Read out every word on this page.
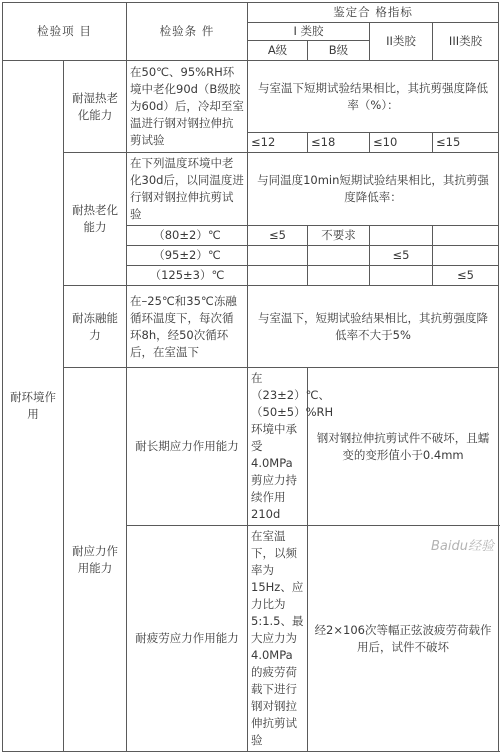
检验项 目		检验条 件	鉴定合 格指标			
			I 类胶		II类胶	III类胶
			A级	B级		
耐环境作用	耐湿热老化能力	在50℃、95%RH环境中老化90d（B级胶为60d）后，冷却至室温进行钢对钢拉伸抗剪试验	与室温下短期试验结果相比，其抗剪强度降低率（%）：			
			≤12	≤18	≤10	≤15
	耐热老化能力	在下列温度环境中老化30d后，以同温度进行钢对钢拉伸抗剪试验	与同温度10min短期试验结果相比，其抗剪强度降低率：			
		（80±2）℃	≤5	不要求		
		（95±2）℃			≤5	
		（125±3）℃				≤5
	耐冻融能力	在–25℃和35℃冻融循环温度下，每次循环8h，经50次循环后，在室温下	与室温下，短期试验结果相比，其抗剪强度降低率不大于5%			
	耐应力作用能力	耐长期应力作用能力	在（23±2）℃、（50±5）%RH环境中承受4.0MPa剪应力持续作用210d	钢对钢拉伸抗剪试件不破坏，且蠕变的变形值小于0.4mm		
		耐疲劳应力作用能力	在室温下，以频率为15Hz、应力比为5:1.5、最大应力为4.0MPa的疲劳荷载下进行钢对钢拉伸抗剪试验	经2×106次等幅正弦波疲劳荷载作用后，试件不破坏		
Baidu经验
